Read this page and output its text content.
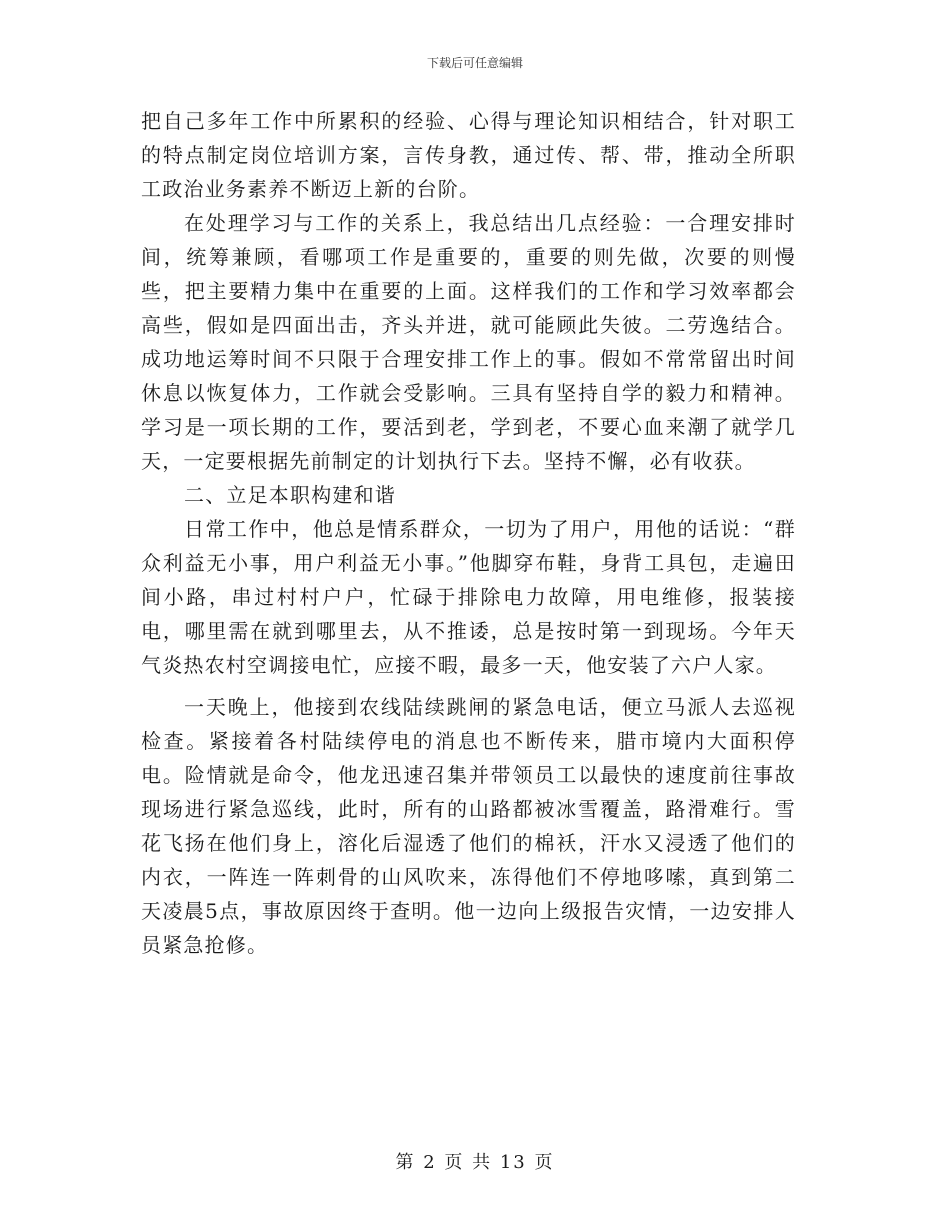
下载后可任意编辑

把自己多年工作中所累积的经验、心得与理论知识相结合，针对职工的特点制定岗位培训方案，言传身教，通过传、帮、带，推动全所职工政治业务素养不断迈上新的台阶。

在处理学习与工作的关系上，我总结出几点经验：一合理安排时间，统筹兼顾，看哪项工作是重要的，重要的则先做，次要的则慢些，把主要精力集中在重要的上面。这样我们的工作和学习效率都会高些，假如是四面出击，齐头并进，就可能顾此失彼。二劳逸结合。成功地运筹时间不只限于合理安排工作上的事。假如不常常留出时间休息以恢复体力，工作就会受影响。三具有坚持自学的毅力和精神。学习是一项长期的工作，要活到老，学到老，不要心血来潮了就学几天，一定要根据先前制定的计划执行下去。坚持不懈，必有收获。

二、立足本职构建和谐

日常工作中，他总是情系群众，一切为了用户，用他的话说：“群众利益无小事，用户利益无小事。”他脚穿布鞋，身背工具包，走遍田间小路，串过村村户户，忙碌于排除电力故障，用电维修，报装接电，哪里需在就到哪里去，从不推诿，总是按时第一到现场。今年天气炎热农村空调接电忙，应接不暇，最多一天，他安装了六户人家。

一天晚上，他接到农线陆续跳闸的紧急电话，便立马派人去巡视检查。紧接着各村陆续停电的消息也不断传来，腊市境内大面积停电。险情就是命令，他龙迅速召集并带领员工以最快的速度前往事故现场进行紧急巡线，此时，所有的山路都被冰雪覆盖，路滑难行。雪花飞扬在他们身上，溶化后湿透了他们的棉袄，汗水又浸透了他们的内衣，一阵连一阵刺骨的山风吹来，冻得他们不停地哆嗦，真到第二天凌晨5点，事故原因终于查明。他一边向上级报告灾情，一边安排人员紧急抢修。

第 2 页 共 13 页
